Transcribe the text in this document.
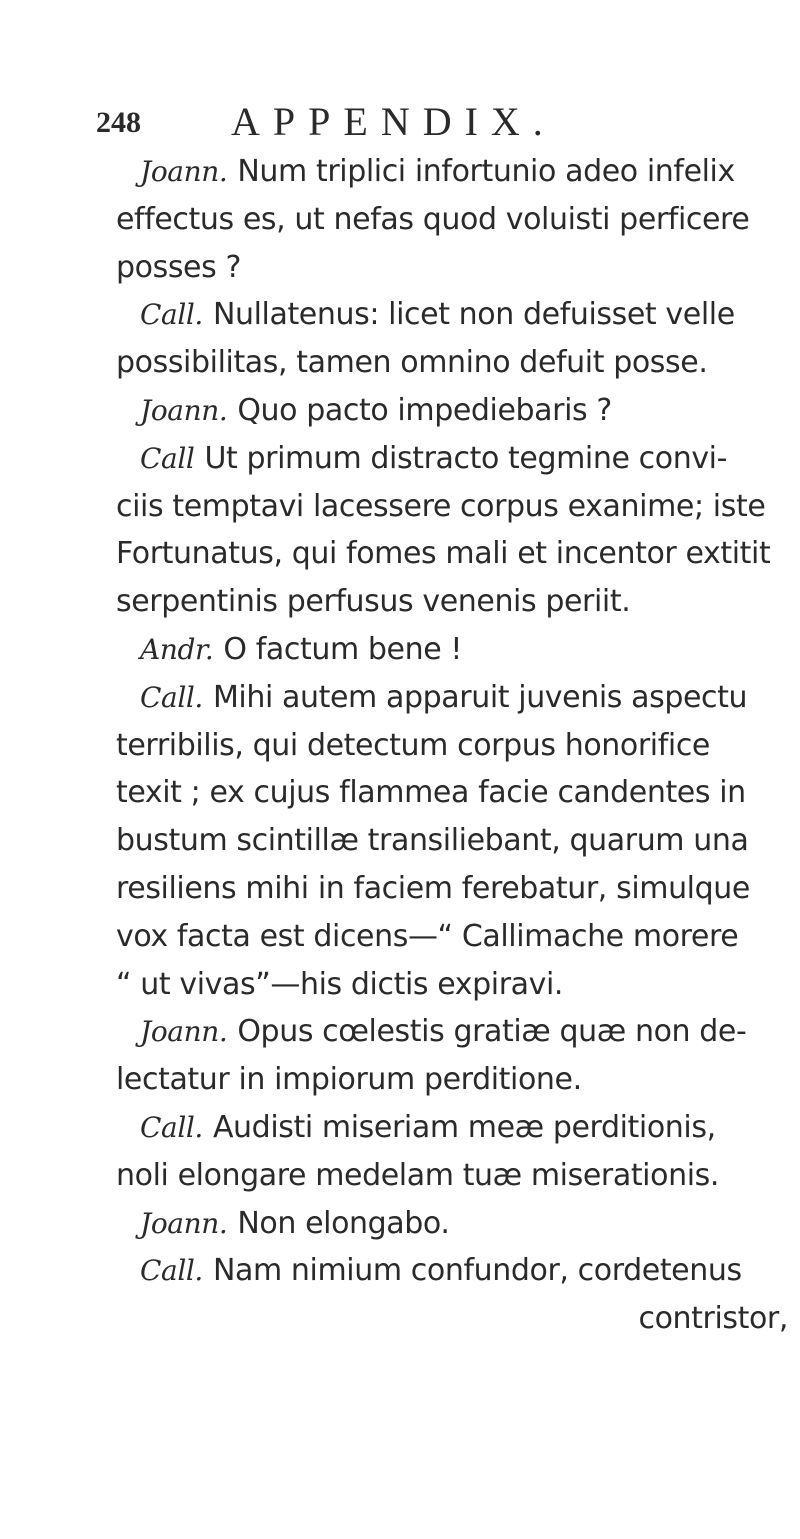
248 APPENDIX.
Joann. Num triplici infortunio adeo infelix
effectus es, ut nefas quod voluisti perficere
posses ?
Call. Nullatenus: licet non defuisset velle
possibilitas, tamen omnino defuit posse.
Joann. Quo pacto impediebaris ?
Call Ut primum distracto tegmine convi-
ciis temptavi lacessere corpus exanime; iste
Fortunatus, qui fomes mali et incentor extitit
serpentinis perfusus venenis periit.
Andr. O factum bene !
Call. Mihi autem apparuit juvenis aspectu
terribilis, qui detectum corpus honorifice
texit ; ex cujus flammea facie candentes in
bustum scintillæ transiliebant, quarum una
resiliens mihi in faciem ferebatur, simulque
vox facta est dicens—“ Callimache morere
“ ut vivas”—his dictis expiravi.
Joann. Opus cœlestis gratiæ quæ non de-
lectatur in impiorum perditione.
Call. Audisti miseriam meæ perditionis,
noli elongare medelam tuæ miserationis.
Joann. Non elongabo.
Call. Nam nimium confundor, cordetenus
contristor,
